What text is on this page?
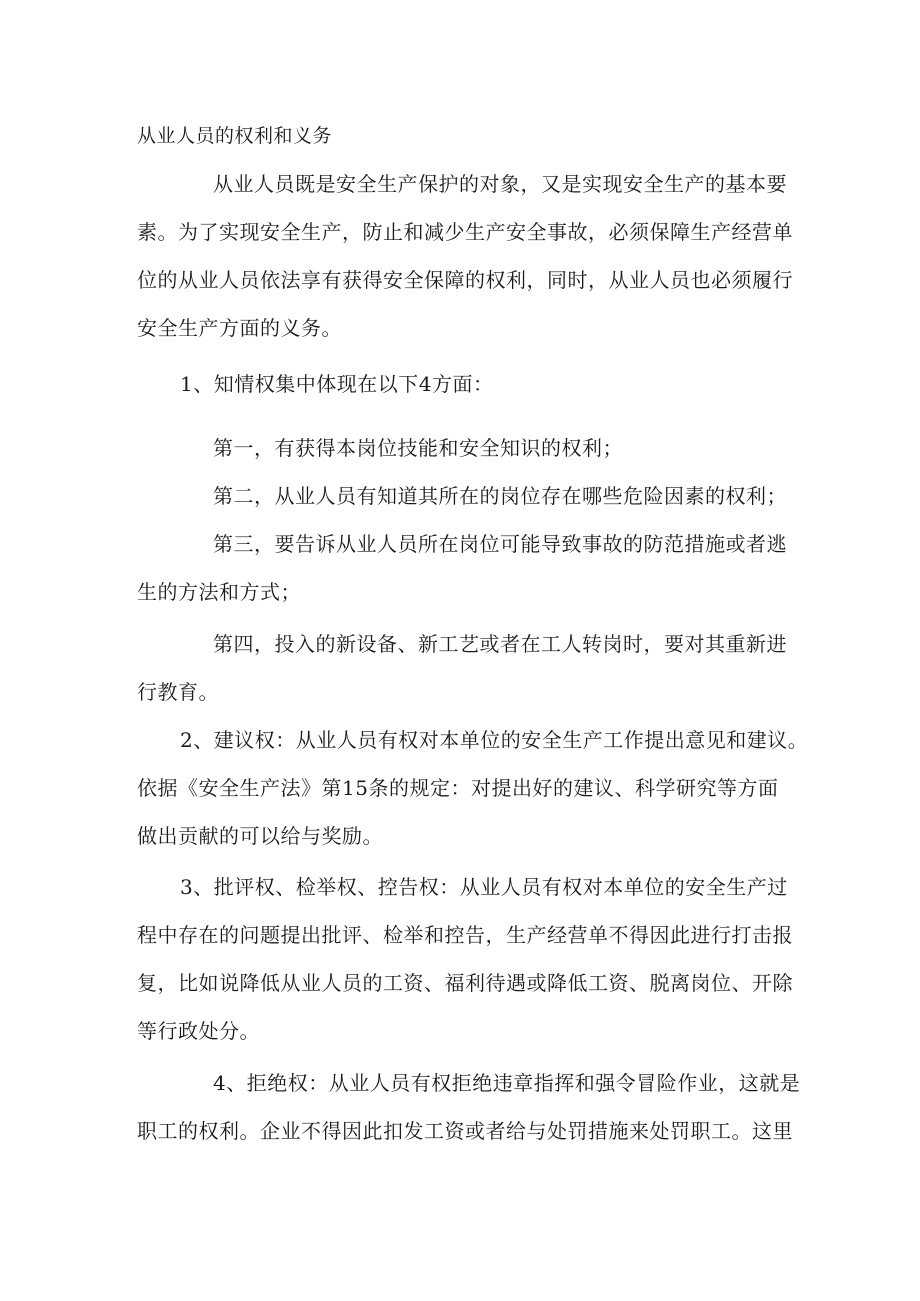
从业人员的权利和义务

从业人员既是安全生产保护的对象，又是实现安全生产的基本要

素。为了实现安全生产，防止和减少生产安全事故，必须保障生产经营单

位的从业人员依法享有获得安全保障的权利，同时，从业人员也必须履行

安全生产方面的义务。

1、知情权集中体现在以下4方面：

第一，有获得本岗位技能和安全知识的权利；

第二，从业人员有知道其所在的岗位存在哪些危险因素的权利；

第三，要告诉从业人员所在岗位可能导致事故的防范措施或者逃

生的方法和方式；

第四，投入的新设备、新工艺或者在工人转岗时，要对其重新进

行教育。

2、建议权：从业人员有权对本单位的安全生产工作提出意见和建议。

依据《安全生产法》第15条的规定：对提出好的建议、科学研究等方面

做出贡献的可以给与奖励。

3、批评权、检举权、控告权：从业人员有权对本单位的安全生产过

程中存在的问题提出批评、检举和控告，生产经营单不得因此进行打击报

复，比如说降低从业人员的工资、福利待遇或降低工资、脱离岗位、开除

等行政处分。

4、拒绝权：从业人员有权拒绝违章指挥和强令冒险作业，这就是

职工的权利。企业不得因此扣发工资或者给与处罚措施来处罚职工。这里
